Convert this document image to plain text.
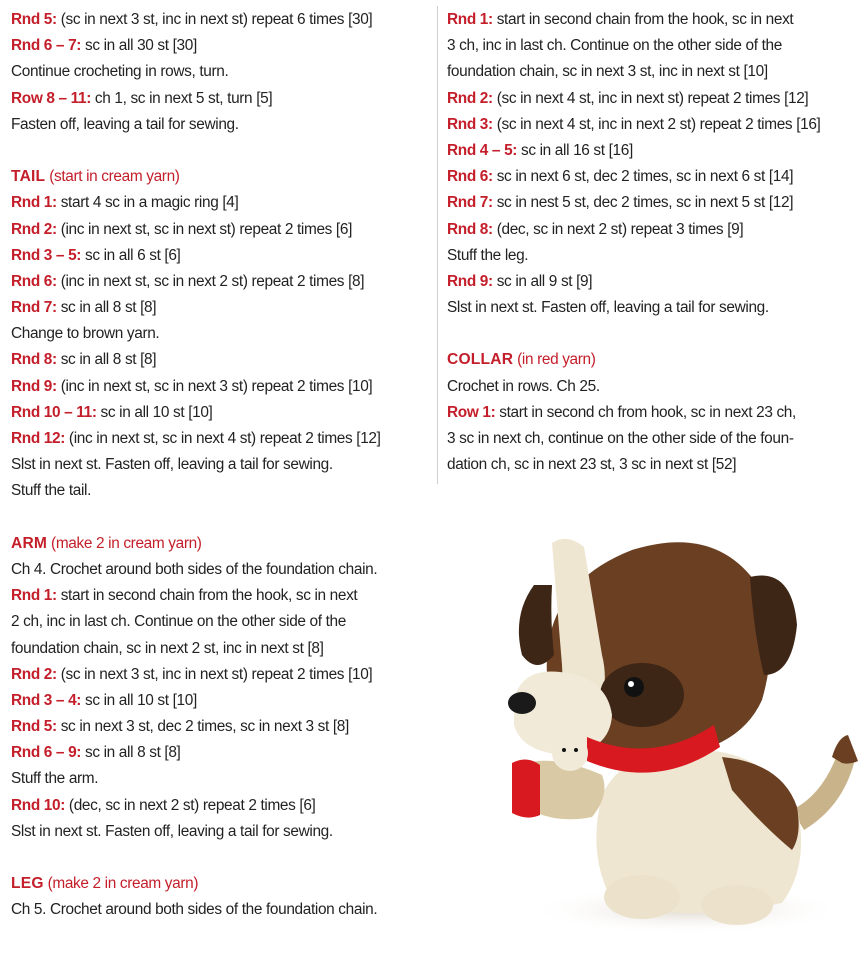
Rnd 5: (sc in next 3 st, inc in next st) repeat 6 times [30]
Rnd 6 – 7: sc in all 30 st [30]
Continue crocheting in rows, turn.
Row 8 – 11: ch 1, sc in next 5 st, turn [5]
Fasten off, leaving a tail for sewing.
TAIL (start in cream yarn)
Rnd 1: start 4 sc in a magic ring [4]
Rnd 2: (inc in next st, sc in next st) repeat 2 times [6]
Rnd 3 – 5: sc in all 6 st [6]
Rnd 6: (inc in next st, sc in next 2 st) repeat 2 times [8]
Rnd 7: sc in all 8 st [8]
Change to brown yarn.
Rnd 8: sc in all 8 st [8]
Rnd 9: (inc in next st, sc in next 3 st) repeat 2 times [10]
Rnd 10 – 11: sc in all 10 st [10]
Rnd 12: (inc in next st, sc in next 4 st) repeat 2 times [12]
Slst in next st. Fasten off, leaving a tail for sewing.
Stuff the tail.
ARM (make 2 in cream yarn)
Ch 4. Crochet around both sides of the foundation chain.
Rnd 1: start in second chain from the hook, sc in next
2 ch, inc in last ch. Continue on the other side of the
foundation chain, sc in next 2 st, inc in next st [8]
Rnd 2: (sc in next 3 st, inc in next st) repeat 2 times [10]
Rnd 3 – 4: sc in all 10 st [10]
Rnd 5: sc in next 3 st, dec 2 times, sc in next 3 st [8]
Rnd 6 – 9: sc in all 8 st [8]
Stuff the arm.
Rnd 10: (dec, sc in next 2 st) repeat 2 times [6]
Slst in next st. Fasten off, leaving a tail for sewing.
LEG (make 2 in cream yarn)
Ch 5. Crochet around both sides of the foundation chain.
Rnd 1: start in second chain from the hook, sc in next
3 ch, inc in last ch. Continue on the other side of the
foundation chain, sc in next 3 st, inc in next st [10]
Rnd 2: (sc in next 4 st, inc in next st) repeat 2 times [12]
Rnd 3: (sc in next 4 st, inc in next 2 st) repeat 2 times [16]
Rnd 4 – 5: sc in all 16 st [16]
Rnd 6: sc in next 6 st, dec 2 times, sc in next 6 st [14]
Rnd 7: sc in nest 5 st, dec 2 times, sc in next 5 st [12]
Rnd 8: (dec, sc in next 2 st) repeat 3 times [9]
Stuff the leg.
Rnd 9: sc in all 9 st [9]
Slst in next st. Fasten off, leaving a tail for sewing.
COLLAR (in red yarn)
Crochet in rows. Ch 25.
Row 1: start in second ch from hook, sc in next 23 ch,
3 sc in next ch, continue on the other side of the foun-
dation ch, sc in next 23 st, 3 sc in next st [52]
